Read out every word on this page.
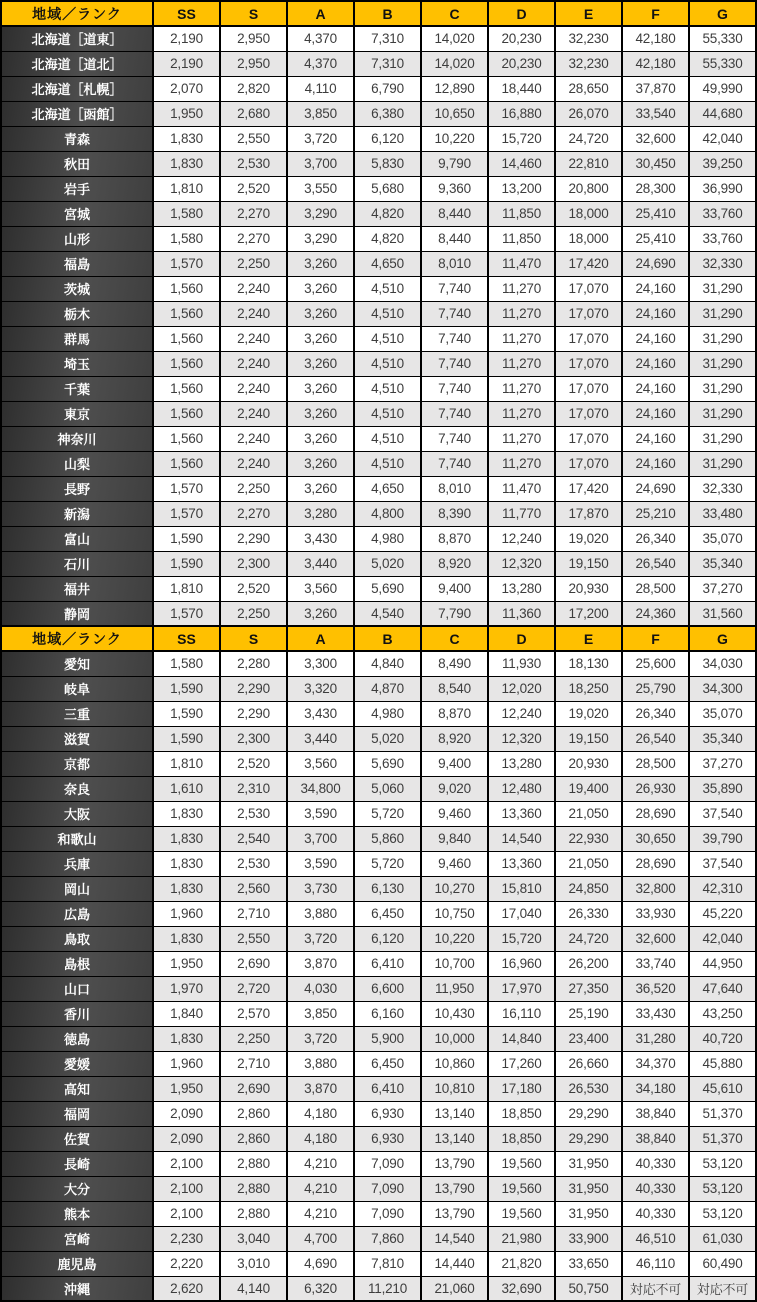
地域／ランク	SS	S	A	B	C	D	E	F	G
北海道［道東］	2,190	2,950	4,370	7,310	14,020	20,230	32,230	42,180	55,330
北海道［道北］	2,190	2,950	4,370	7,310	14,020	20,230	32,230	42,180	55,330
北海道［札幌］	2,070	2,820	4,110	6,790	12,890	18,440	28,650	37,870	49,990
北海道［函館］	1,950	2,680	3,850	6,380	10,650	16,880	26,070	33,540	44,680
青森	1,830	2,550	3,720	6,120	10,220	15,720	24,720	32,600	42,040
秋田	1,830	2,530	3,700	5,830	9,790	14,460	22,810	30,450	39,250
岩手	1,810	2,520	3,550	5,680	9,360	13,200	20,800	28,300	36,990
宮城	1,580	2,270	3,290	4,820	8,440	11,850	18,000	25,410	33,760
山形	1,580	2,270	3,290	4,820	8,440	11,850	18,000	25,410	33,760
福島	1,570	2,250	3,260	4,650	8,010	11,470	17,420	24,690	32,330
茨城	1,560	2,240	3,260	4,510	7,740	11,270	17,070	24,160	31,290
栃木	1,560	2,240	3,260	4,510	7,740	11,270	17,070	24,160	31,290
群馬	1,560	2,240	3,260	4,510	7,740	11,270	17,070	24,160	31,290
埼玉	1,560	2,240	3,260	4,510	7,740	11,270	17,070	24,160	31,290
千葉	1,560	2,240	3,260	4,510	7,740	11,270	17,070	24,160	31,290
東京	1,560	2,240	3,260	4,510	7,740	11,270	17,070	24,160	31,290
神奈川	1,560	2,240	3,260	4,510	7,740	11,270	17,070	24,160	31,290
山梨	1,560	2,240	3,260	4,510	7,740	11,270	17,070	24,160	31,290
長野	1,570	2,250	3,260	4,650	8,010	11,470	17,420	24,690	32,330
新潟	1,570	2,270	3,280	4,800	8,390	11,770	17,870	25,210	33,480
富山	1,590	2,290	3,430	4,980	8,870	12,240	19,020	26,340	35,070
石川	1,590	2,300	3,440	5,020	8,920	12,320	19,150	26,540	35,340
福井	1,810	2,520	3,560	5,690	9,400	13,280	20,930	28,500	37,270
静岡	1,570	2,250	3,260	4,540	7,790	11,360	17,200	24,360	31,560
地域／ランク	SS	S	A	B	C	D	E	F	G
愛知	1,580	2,280	3,300	4,840	8,490	11,930	18,130	25,600	34,030
岐阜	1,590	2,290	3,320	4,870	8,540	12,020	18,250	25,790	34,300
三重	1,590	2,290	3,430	4,980	8,870	12,240	19,020	26,340	35,070
滋賀	1,590	2,300	3,440	5,020	8,920	12,320	19,150	26,540	35,340
京都	1,810	2,520	3,560	5,690	9,400	13,280	20,930	28,500	37,270
奈良	1,610	2,310	34,800	5,060	9,020	12,480	19,400	26,930	35,890
大阪	1,830	2,530	3,590	5,720	9,460	13,360	21,050	28,690	37,540
和歌山	1,830	2,540	3,700	5,860	9,840	14,540	22,930	30,650	39,790
兵庫	1,830	2,530	3,590	5,720	9,460	13,360	21,050	28,690	37,540
岡山	1,830	2,560	3,730	6,130	10,270	15,810	24,850	32,800	42,310
広島	1,960	2,710	3,880	6,450	10,750	17,040	26,330	33,930	45,220
鳥取	1,830	2,550	3,720	6,120	10,220	15,720	24,720	32,600	42,040
島根	1,950	2,690	3,870	6,410	10,700	16,960	26,200	33,740	44,950
山口	1,970	2,720	4,030	6,600	11,950	17,970	27,350	36,520	47,640
香川	1,840	2,570	3,850	6,160	10,430	16,110	25,190	33,430	43,250
徳島	1,830	2,250	3,720	5,900	10,000	14,840	23,400	31,280	40,720
愛媛	1,960	2,710	3,880	6,450	10,860	17,260	26,660	34,370	45,880
高知	1,950	2,690	3,870	6,410	10,810	17,180	26,530	34,180	45,610
福岡	2,090	2,860	4,180	6,930	13,140	18,850	29,290	38,840	51,370
佐賀	2,090	2,860	4,180	6,930	13,140	18,850	29,290	38,840	51,370
長崎	2,100	2,880	4,210	7,090	13,790	19,560	31,950	40,330	53,120
大分	2,100	2,880	4,210	7,090	13,790	19,560	31,950	40,330	53,120
熊本	2,100	2,880	4,210	7,090	13,790	19,560	31,950	40,330	53,120
宮崎	2,230	3,040	4,700	7,860	14,540	21,980	33,900	46,510	61,030
鹿児島	2,220	3,010	4,690	7,810	14,440	21,820	33,650	46,110	60,490
沖縄	2,620	4,140	6,320	11,210	21,060	32,690	50,750	対応不可	対応不可
